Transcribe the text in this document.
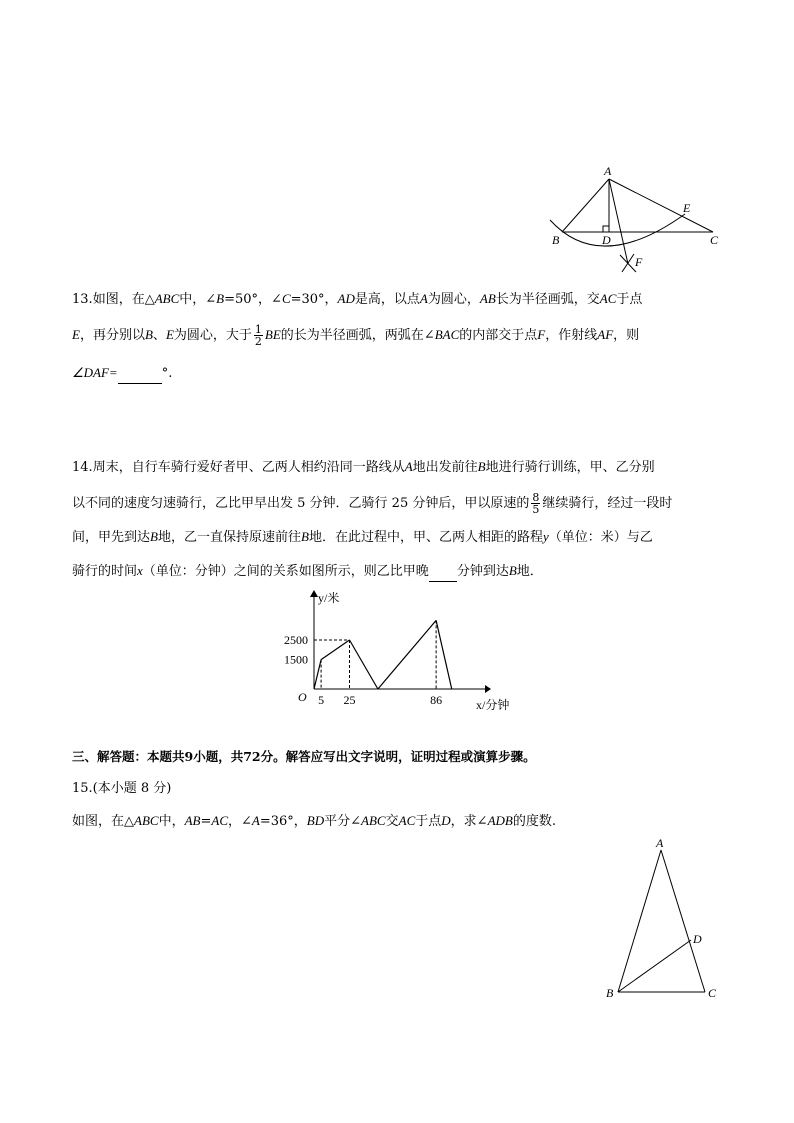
A
B	C
D
E
F
13.如图，在△ABC中，∠B=50°，∠C=30°，AD是高，以点A为圆心，AB长为半径画弧，交AC于点
E，再分别以B、E为圆心，大于 $\frac{1}{2}$ BE的长为半径画弧，两弧在∠BAC的内部交于点F，作射线AF，则
∠DAF=	°.
14.周末，自行车骑行爱好者甲、乙两人相约沿同一路线从A地出发前往B地进行骑行训练，甲、乙分别
以不同的速度匀速骑行，乙比甲早出发 5 分钟．乙骑行 25 分钟后，甲以原速的 $\frac{8}{5}$ 继续骑行，经过一段时
间，甲先到达B地，乙一直保持原速前往B地．在此过程中，甲、乙两人相距的路程y（单位：米）与乙
骑行的时间x（单位：分钟）之间的关系如图所示，则乙比甲晚 分钟到达B地．
5 25	86
1500
2500
O
y/米
x/分钟
三、解答题：本题共9小题，共72分。解答应写出文字说明，证明过程或演算步骤。
15.(本小题 8 分)
如图，在△ABC中，AB=AC，∠A=36°，BD平分∠ABC交AC于点D，求∠ADB的度数.
A
B	C
D
